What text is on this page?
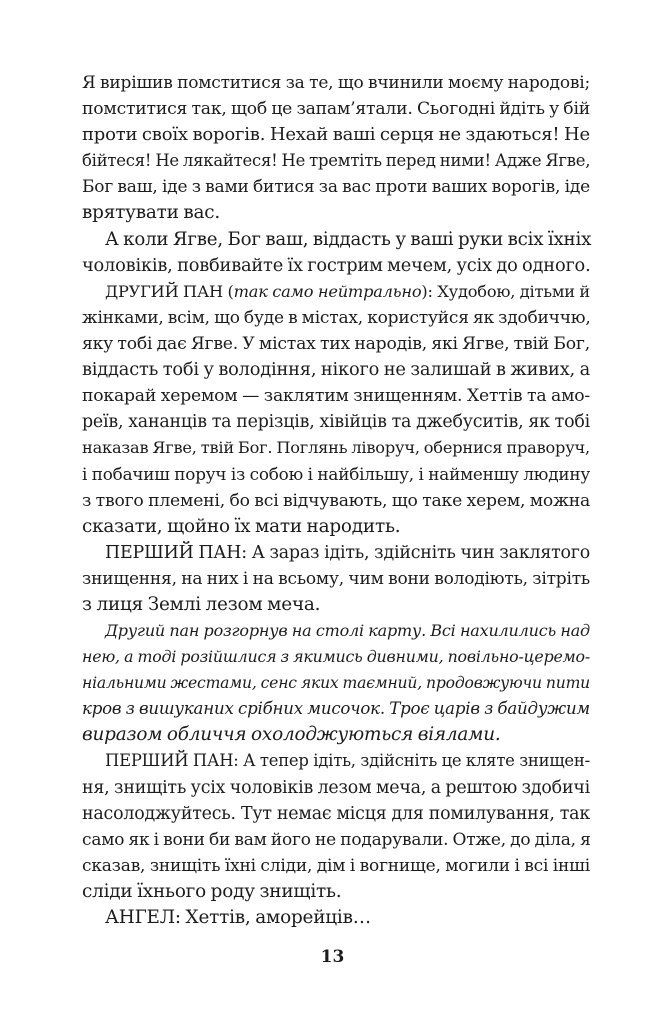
Я вирішив помститися за те, що вчинили моєму народові;
помститися так, щоб це запам’ятали. Сьогодні йдіть у бій
проти своїх ворогів. Нехай ваші серця не здаються! Не
бійтеся! Не лякайтеся! Не тремтіть перед ними! Адже Ягве,
Бог ваш, іде з вами битися за вас проти ваших ворогів, іде
врятувати вас.
А коли Ягве, Бог ваш, віддасть у ваші руки всіх їхніх
чоловіків, повбивайте їх гострим мечем, усіх до одного.
ДРУГИЙ ПАН (так само нейтрально): Худобою, дітьми й
жінками, всім, що буде в містах, користуйся як здобиччю,
яку тобі дає Ягве. У містах тих народів, які Ягве, твій Бог,
віддасть тобі у володіння, нікого не залишай в живих, а
покарай херемом — заклятим знищенням. Хеттів та амо-
реїв, хананців та перізців, хівійців та джебуситів, як тобі
наказав Ягве, твій Бог. Поглянь ліворуч, обернися праворуч,
і побачиш поруч із собою і найбільшу, і найменшу людину
з твого племені, бо всі відчувають, що таке херем, можна
сказати, щойно їх мати народить.
ПЕРШИЙ ПАН: А зараз ідіть, здійсніть чин заклятого
знищення, на них і на всьому, чим вони володіють, зітріть
з лиця Землі лезом меча.
Другий пан розгорнув на столі карту. Всі нахилились над
нею, а тоді розійшлися з якимись дивними, повільно-церемо-
ніальними жестами, сенс яких таємний, продовжуючи пити
кров з вишуканих срібних мисочок. Троє царів з байдужим
виразом обличчя охолоджуються віялами.
ПЕРШИЙ ПАН: А тепер ідіть, здійсніть це кляте знищен-
ня, знищіть усіх чоловіків лезом меча, а рештою здобичі
насолоджуйтесь. Тут немає місця для помилування, так
само як і вони би вам його не подарували. Отже, до діла, я
сказав, знищіть їхні сліди, дім і вогнище, могили і всі інші
сліди їхнього роду знищіть.
АНГЕЛ: Хеттів, аморейців…
13
